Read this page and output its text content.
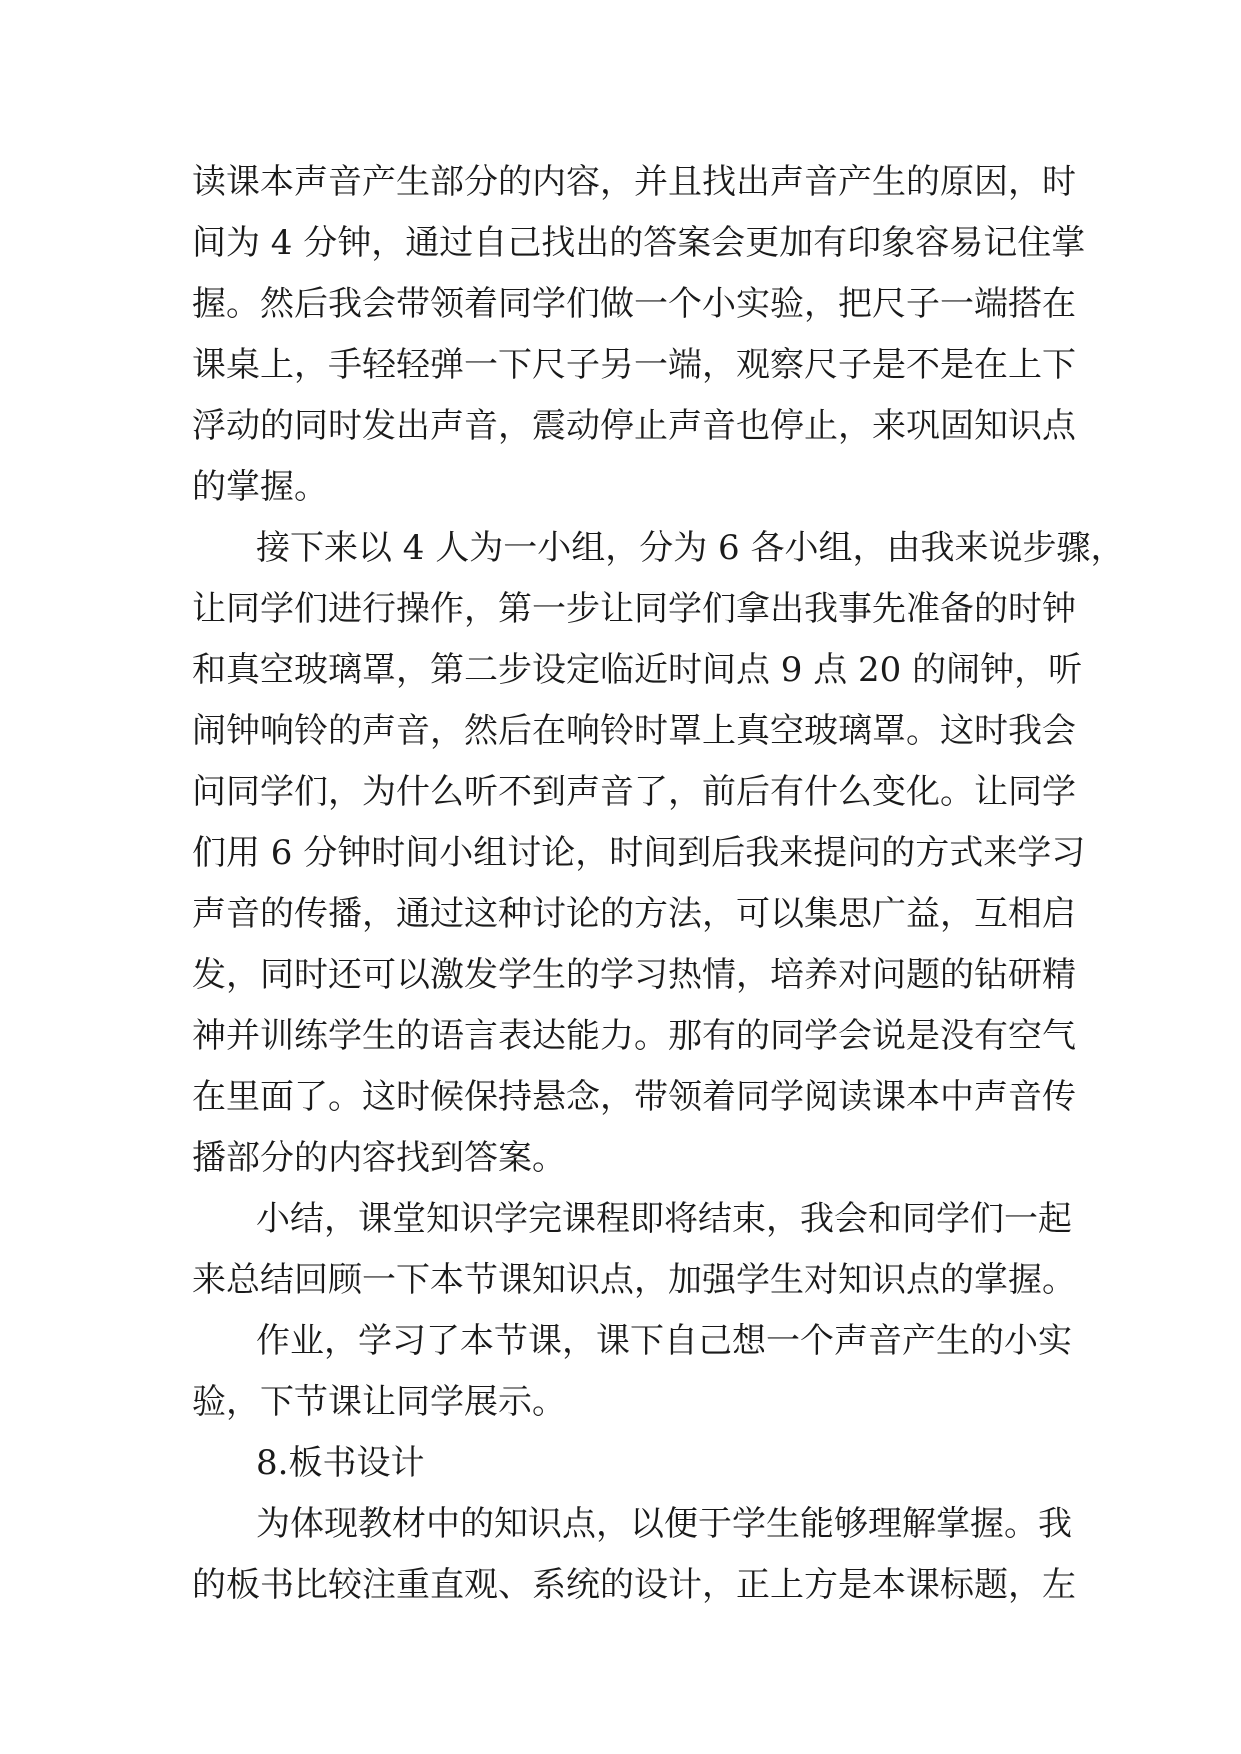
读课本声音产生部分的内容，并且找出声音产生的原因，时
间为 4 分钟，通过自己找出的答案会更加有印象容易记住掌
握。然后我会带领着同学们做一个小实验，把尺子一端搭在
课桌上，手轻轻弹一下尺子另一端，观察尺子是不是在上下
浮动的同时发出声音，震动停止声音也停止，来巩固知识点
的掌握。
接下来以 4 人为一小组，分为 6 各小组，由我来说步骤，
让同学们进行操作，第一步让同学们拿出我事先准备的时钟
和真空玻璃罩，第二步设定临近时间点 9 点 20 的闹钟，听
闹钟响铃的声音，然后在响铃时罩上真空玻璃罩。这时我会
问同学们，为什么听不到声音了，前后有什么变化。让同学
们用 6 分钟时间小组讨论，时间到后我来提问的方式来学习
声音的传播，通过这种讨论的方法，可以集思广益，互相启
发，同时还可以激发学生的学习热情，培养对问题的钻研精
神并训练学生的语言表达能力。那有的同学会说是没有空气
在里面了。这时候保持悬念，带领着同学阅读课本中声音传
播部分的内容找到答案。
小结，课堂知识学完课程即将结束，我会和同学们一起
来总结回顾一下本节课知识点，加强学生对知识点的掌握。
作业，学习了本节课，课下自己想一个声音产生的小实
验，下节课让同学展示。
8.板书设计
为体现教材中的知识点，以便于学生能够理解掌握。我
的板书比较注重直观、系统的设计，正上方是本课标题，左
